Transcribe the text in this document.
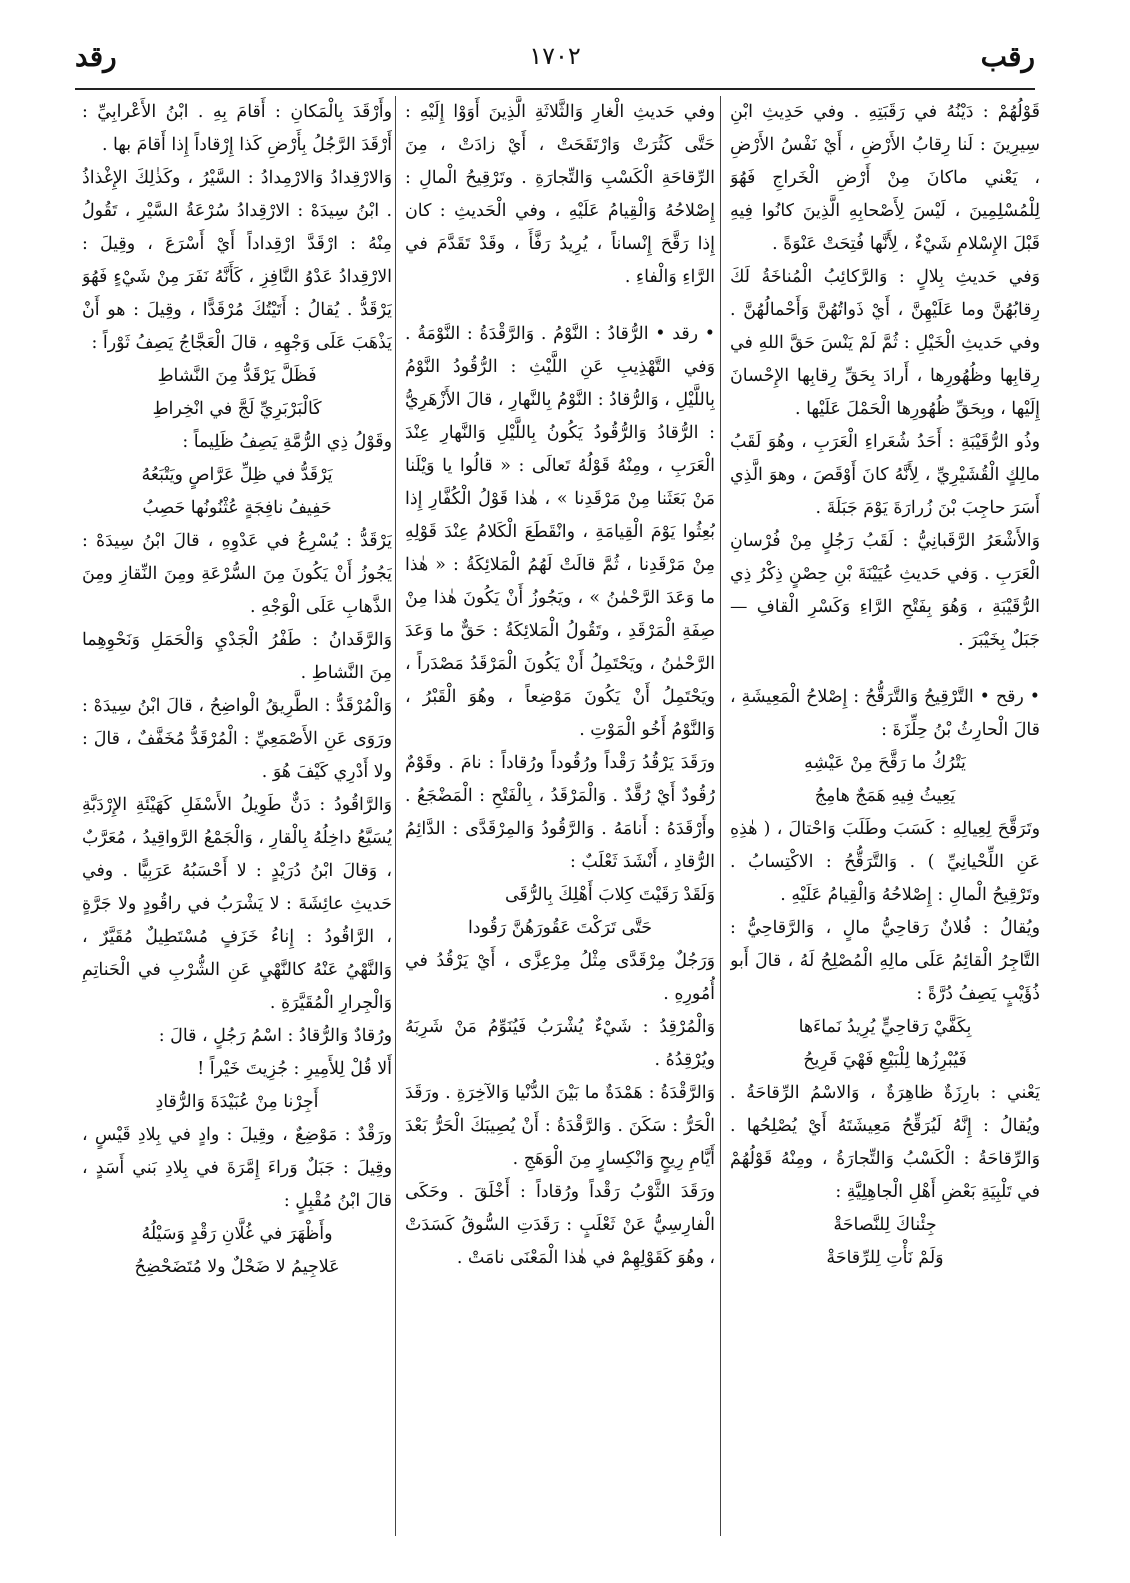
رقب
١٧٠٢
رقد

قَوْلُهُمْ : دَيْنُهُ في رَقَبَتِهِ . وفي حَدِيثِ ابْنِ سِيرِينَ : لَنا رِقابُ الأَرْضِ ، أَيْ نَفْسُ الأَرْضِ ، يَعْني ماكانَ مِنْ أَرْضِ الْخَراجِ فَهُوَ لِلْمُسْلِمِينَ ، لَيْسَ لِأَصْحابِهِ الَّذِينَ كانُوا فِيهِ قَبْلَ الإِسْلامِ شَيْءٌ ، لِأَنَّها فُتِحَتْ عَنْوَةً .

وَفي حَديثِ بِلالٍ : وَالرَّكائِبُ الْمُناخَةُ لَكَ رِقابُهُنَّ وما عَلَيْهِنَّ ، أَيْ ذَواتُهُنَّ وَأَحْمالُهُنَّ . وفي حَديثِ الْخَيْلِ : ثُمَّ لَمْ يَنْسَ حَقَّ اللهِ في رِقابِها وظُهُورِها ، أَرادَ بِحَقِّ رِقابِها الإِحْسانَ إِلَيْها ، وبِحَقِّ ظُهُورِها الْحَمْلَ عَلَيْها .

وذُو الرُّقَيْبَةِ : أَحَدُ شُعَراءِ الْعَرَبِ ، وهُوَ لَقَبُ مالِكٍ الْقُشَيْرِيِّ ، لِأَنَّهُ كانَ أَوْقَصَ ، وهوَ الَّذِي أَسَرَ حاجِبَ بْنَ زُرارَةَ يَوْمَ جَبَلَةَ .

وَالأَشْعَرُ الرَّقَبانِيُّ : لَقَبُ رَجُلٍ مِنْ فُرْسانِ الْعَرَبِ . وَفي حَديثِ عُيَيْنَةَ بْنِ حِصْنٍ ذِكْرُ ذِي الرُّقَيْبَةِ ، وَهُوَ بِفَتْحِ الرَّاءِ وَكَسْرِ الْقافِ — جَبَلٌ بِخَيْبَرَ .

• رقح • التَّرْقِيحُ وَالتَّرَقُّحُ : إِصْلاحُ الْمَعِيشَةِ ، قالَ الْحارِثُ بْنُ حِلِّزَةَ :

يَتْرُكُ ما رَقَّحَ مِنْ عَيْشِهِ

يَعِيثُ فِيهِ هَمَجٌ هامِجُ

وتَرَقَّحَ لِعِيالِهِ : كَسَبَ وطَلَبَ وَاحْتالَ ، ( هٰذِهِ عَنِ اللِّحْيانِيِّ ) . وَالتَّرَقُّحُ : الاكْتِسابُ . وتَرْقِيحُ الْمالِ : إِصْلاحُهُ وَالْقِيامُ عَلَيْهِ .

ويُقالُ : فُلانٌ رَقاحِيُّ مالٍ ، وَالرَّقاحِيُّ : التَّاجِرُ الْقائِمُ عَلَى مالِهِ الْمُصْلِحُ لَهُ ، قالَ أَبو ذُؤَيْبٍ يَصِفُ دُرَّةً :

بِكَفَّيْ رَقاحِيٍّ يُرِيدُ نَماءَها

فَيُبْرِزُها لِلْبَيْعِ فَهْيَ قَرِيحُ

يَعْني : بارِزَةٌ ظاهِرَةٌ ، وَالاسْمُ الرِّقاحَةُ . ويُقالُ : إِنَّهُ لَيُرَقِّحُ مَعِيشَتَهُ أَيْ يُصْلِحُها . وَالرِّقاحَةُ : الْكَسْبُ وَالتِّجارَةُ ، ومِنْهُ قَوْلُهُمْ في تَلْبِيَةِ بَعْضِ أَهْلِ الْجاهِلِيَّةِ :

جِئْناكَ لِلنَّصاحَةْ

وَلَمْ نَأْتِ لِلرِّقاحَةْ

وفي حَديثِ الْغارِ وَالثَّلاثَةِ الَّذِينَ أَوَوْا إِلَيْهِ : حَتَّى كَثُرَتْ وَارْتَقَحَتْ ، أَيْ زادَتْ ، مِنَ الرِّقاحَةِ الْكَسْبِ وَالتِّجارَةِ . وتَرْقِيحُ الْمالِ : إِصْلاحُهُ وَالْقِيامُ عَلَيْهِ ، وفي الْحَديثِ : كان إِذا رَقَّحَ إِنْساناً ، يُرِيدُ رَفَّأَ ، وقَدْ تَقَدَّمَ في الرَّاءِ وَالْفاءِ .

• رقد • الرُّقادُ : النَّوْمُ . وَالرَّقْدَةُ : النَّوْمَةُ . وَفي التَّهْذِيبِ عَنِ اللَّيْثِ : الرُّقُودُ النَّوْمُ بِاللَّيْلِ ، وَالرُّقادُ : النَّوْمُ بِالنَّهارِ ، قالَ الأَزْهَرِيُّ : الرُّقادُ وَالرُّقُودُ يَكُونُ بِاللَّيْلِ وَالنَّهارِ عِنْدَ الْعَرَبِ ، ومِنْهُ قَوْلُهُ تَعالَى : « قالُوا يا وَيْلَنا مَنْ بَعَثَنا مِنْ مَرْقَدِنا » ، هٰذا قَوْلُ الْكُفَّارِ إِذا بُعِثُوا يَوْمَ الْقِيامَةِ ، وانْقَطَعَ الْكَلامُ عِنْدَ قَوْلِهِ مِنْ مَرْقَدِنا ، ثُمَّ قالَتْ لَهُمُ الْمَلائِكَةُ : « هٰذا ما وَعَدَ الرَّحْمٰنُ » ، ويَجُوزُ أَنْ يَكُونَ هٰذا مِنْ صِفَةِ الْمَرْقَدِ ، وتَقُولُ الْمَلائِكَةُ : حَقٌّ ما وَعَدَ الرَّحْمٰنُ ، ويَحْتَمِلُ أَنْ يَكُونَ الْمَرْقَدُ مَصْدَراً ، ويَحْتَمِلُ أَنْ يَكُونَ مَوْضِعاً ، وهُوَ الْقَبْرُ ، وَالنَّوْمُ أَخُو الْمَوْتِ .

ورَقَدَ يَرْقُدُ رَقْداً ورُقُوداً ورُقاداً : نامَ . وقَوْمٌ رُقُودٌ أَيْ رُقَّدٌ . وَالْمَرْقَدُ ، بِالْفَتْحِ : الْمَضْجَعُ . وأَرْقَدَهُ : أَنامَهُ . وَالرَّقُودُ وَالمِرْقَدَّى : الدَّائِمُ الرُّقادِ ، أَنْشَدَ ثَعْلَبٌ :

وَلَقَدْ رَقَيْتَ كِلابَ أَهْلِكَ بِالرُّقَى

حَتَّى تَرَكْتَ عَقُورَهُنَّ رَقُودا

وَرَجُلٌ مِرْقَدَّى مِثْلُ مِرْعِزَّى ، أَيْ يَرْقُدُ في أُمُورِهِ .

وَالْمُرْقِدُ : شَيْءٌ يُشْرَبُ فَيُنَوِّمُ مَنْ شَرِبَهُ ويُرْقِدُهُ .

وَالرَّقْدَةُ : هَمْدَةٌ ما بَيْنَ الدُّنْيا وَالآخِرَةِ . ورَقَدَ الْحَرُّ : سَكَنَ . وَالرَّقْدَةُ : أَنْ يُصِيبَكَ الْحَرُّ بَعْدَ أَيَّامِ رِيحٍ وَانْكِسارٍ مِنَ الْوَهَجِ .

ورَقَدَ الثَّوْبُ رَقْداً ورُقاداً : أَخْلَقَ . وحَكَى الْفارِسِيُّ عَنْ ثَعْلَبٍ : رَقَدَتِ السُّوقُ كَسَدَتْ ، وهُوَ كَقَوْلِهِمْ في هٰذا الْمَعْنَى نامَتْ .

وأَرْقَدَ بِالْمَكانِ : أَقامَ بِهِ . ابْنُ الأَعْرابِيِّ : أَرْقَدَ الرَّجُلُ بِأَرْضِ كَذا إِرْقاداً إِذا أَقامَ بها .

وَالارْقِدادُ وَالارْمِدادُ : السَّيْرُ ، وكَذٰلِكَ الإِغْذاذُ . ابْنُ سِيدَهْ : الارْقِدادُ سُرْعَةُ السَّيْرِ ، تَقُولُ مِنْهُ : ارْقَدَّ ارْقِداداً أَيْ أَسْرَعَ ، وقِيلَ : الارْقِدادُ عَدْوُ النَّافِزِ ، كَأَنَّهُ نَفَرَ مِنْ شَيْءٍ فَهُوَ يَرْقَدُّ . يُقالُ : أَتَيْتُكَ مُرْقَدًّا ، وقِيلَ : هو أَنْ يَذْهَبَ عَلَى وَجْهِهِ ، قالَ الْعَجَّاجُ يَصِفُ ثَوْراً :

فَظَلَّ يَرْقَدُّ مِنَ النَّشاطِ

كَالْبَرْبَرِيِّ لَجَّ في انْخِراطِ

وقَوْلُ ذِي الرُّمَّةِ يَصِفُ ظَلِيماً :

يَرْقَدُّ في ظِلِّ عَرَّاصٍ ويَتْبَعُهُ

حَفِيفُ نافِجَةٍ عُثْنُونُها حَصِبُ

يَرْقَدُّ : يُسْرِعُ في عَدْوِهِ ، قالَ ابْنُ سِيدَهْ : يَجُوزُ أَنْ يَكُونَ مِنَ السُّرْعَةِ ومِنَ النِّقازِ ومِنَ الذَّهابِ عَلَى الْوَجْهِ .

وَالرَّقَدانُ : طَفْرُ الْجَدْيِ وَالْحَمَلِ وَنَحْوِهِما مِنَ النَّشاطِ .

وَالْمُرْقَدُّ : الطَّرِيقُ الْواضِحُ ، قالَ ابْنُ سِيدَهْ : ورَوَى عَنِ الأَصْمَعِيِّ : الْمُرْقَدُّ مُخَفَّفٌ ، قالَ : ولا أَدْرِي كَيْفَ هُوَ .

وَالرَّاقُودُ : دَنٌّ طَوِيلُ الأَسْفَلِ كَهَيْئَةِ الإِرْدَبَّةِ يُسَيَّعُ داخِلُهُ بِالْقارِ ، وَالْجَمْعُ الرَّواقِيدُ ، مُعَرَّبٌ ، وَقالَ ابْنُ دُرَيْدٍ : لا أَحْسَبُهُ عَرَبِيًّا . وفي حَديثِ عائِشَةَ : لا يَشْرَبُ في راقُودٍ ولا جَرَّةٍ ، الرَّاقُودُ : إِناءُ خَزَفٍ مُسْتَطِيلٌ مُقَيَّرٌ ، وَالنَّهْيُ عَنْهُ كالنَّهْيِ عَنِ الشُّرْبِ في الْحَناتِمِ وَالْجِرارِ الْمُقَيَّرَةِ .

ورُقادٌ وَالرُّقادُ : اسْمُ رَجُلٍ ، قالَ :

أَلا قُلْ لِلأَمِيرِ : جُزِيتَ خَيْراً !

أَجِرْنا مِنْ عُبَيْدَةَ وَالرُّقادِ

ورَقْدٌ : مَوْضِعٌ ، وقِيلَ : وادٍ في بِلادِ قَيْسٍ ، وقِيلَ : جَبَلٌ وَراءَ إِمَّرَةَ في بِلادِ بَني أَسَدٍ ، قالَ ابْنُ مُقْبِلٍ :

وأَظْهَرَ في غُلَّانِ رَقْدٍ وَسَيْلُهُ

عَلاجِيمُ لا ضَحْلٌ ولا مُتَضَحْضِحُ
